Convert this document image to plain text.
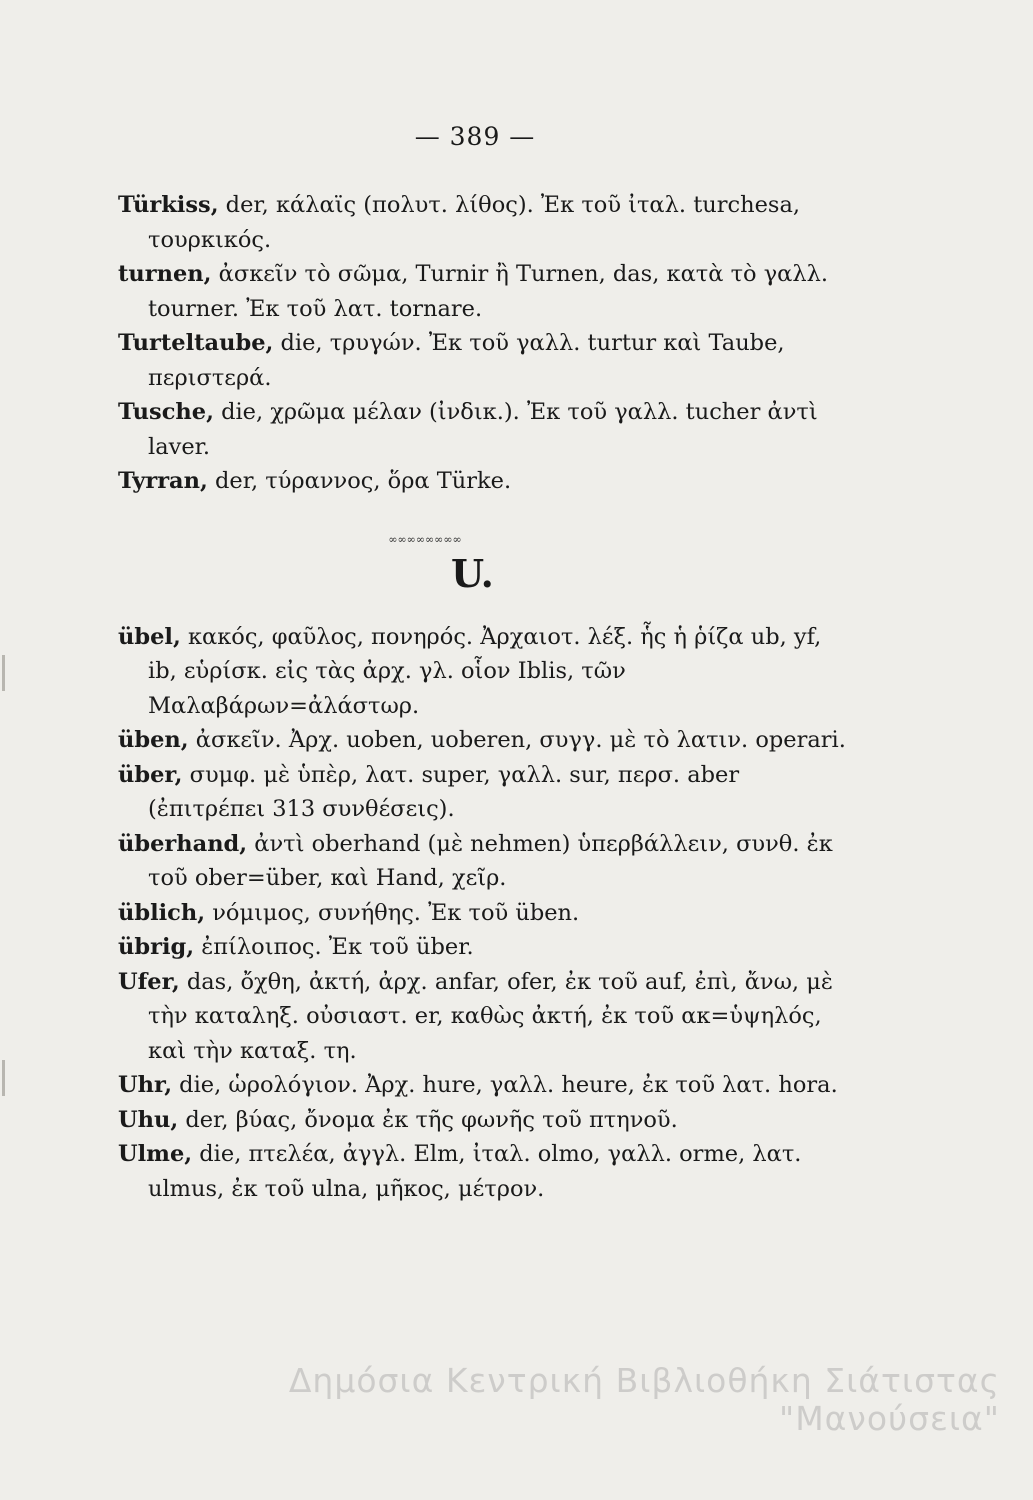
— 389 —

Türkiss, der, κάλαϊς (πολυτ. λίθος). Ἐκ τοῦ ἰταλ. turchesa, τουρκικός.

turnen, ἀσκεῖν τὸ σῶμα, Turnir ἢ Turnen, das, κατὰ τὸ γαλλ. tourner. Ἐκ τοῦ λατ. tornare.

Turteltaube, die, τρυγών. Ἐκ τοῦ γαλλ. turtur καὶ Taube, περιστερά.

Tusche, die, χρῶμα μέλαν (ἰνδικ.). Ἐκ τοῦ γαλλ. tucher ἀντὶ laver.

Tyrran, der, τύραννος, ὅρα Türke.

∞∞∞∞∞∞∞∞
U.

übel, κακός, φαῦλος, πονηρός. Ἀρχαιοτ. λέξ. ἧς ἡ ῥίζα ub, yf, ib, εὑρίσκ. εἰς τὰς ἀρχ. γλ. οἷον Iblis, τῶν Μαλαβάρων=ἀλάστωρ.

üben, ἀσκεῖν. Ἀρχ. uoben, uoberen, συγγ. μὲ τὸ λατιν. operari.

über, συμφ. μὲ ὑπὲρ, λατ. super, γαλλ. sur, περσ. aber (ἐπιτρέπει 313 συνθέσεις).

überhand, ἀντὶ oberhand (μὲ nehmen) ὑπερβάλλειν, συνθ. ἐκ τοῦ ober=über, καὶ Hand, χεῖρ.

üblich, νόμιμος, συνήθης. Ἐκ τοῦ üben.

übrig, ἐπίλοιπος. Ἐκ τοῦ über.

Ufer, das, ὄχθη, ἀκτή, ἀρχ. anfar, ofer, ἐκ τοῦ auf, ἐπὶ, ἄνω, μὲ τὴν καταληξ. οὐσιαστ. er, καθὼς ἀκτή, ἐκ τοῦ ακ=ὑψηλός, καὶ τὴν καταξ. τη.

Uhr, die, ὡρολόγιον. Ἀρχ. hure, γαλλ. heure, ἐκ τοῦ λατ. hora.

Uhu, der, βύας, ὄνομα ἐκ τῆς φωνῆς τοῦ πτηνοῦ.

Ulme, die, πτελέα, ἀγγλ. Elm, ἰταλ. olmo, γαλλ. orme, λατ. ulmus, ἐκ τοῦ ulna, μῆκος, μέτρον.

Δημόσια Κεντρική Βιβλιοθήκη Σιάτιστας "Μανούσεια"
